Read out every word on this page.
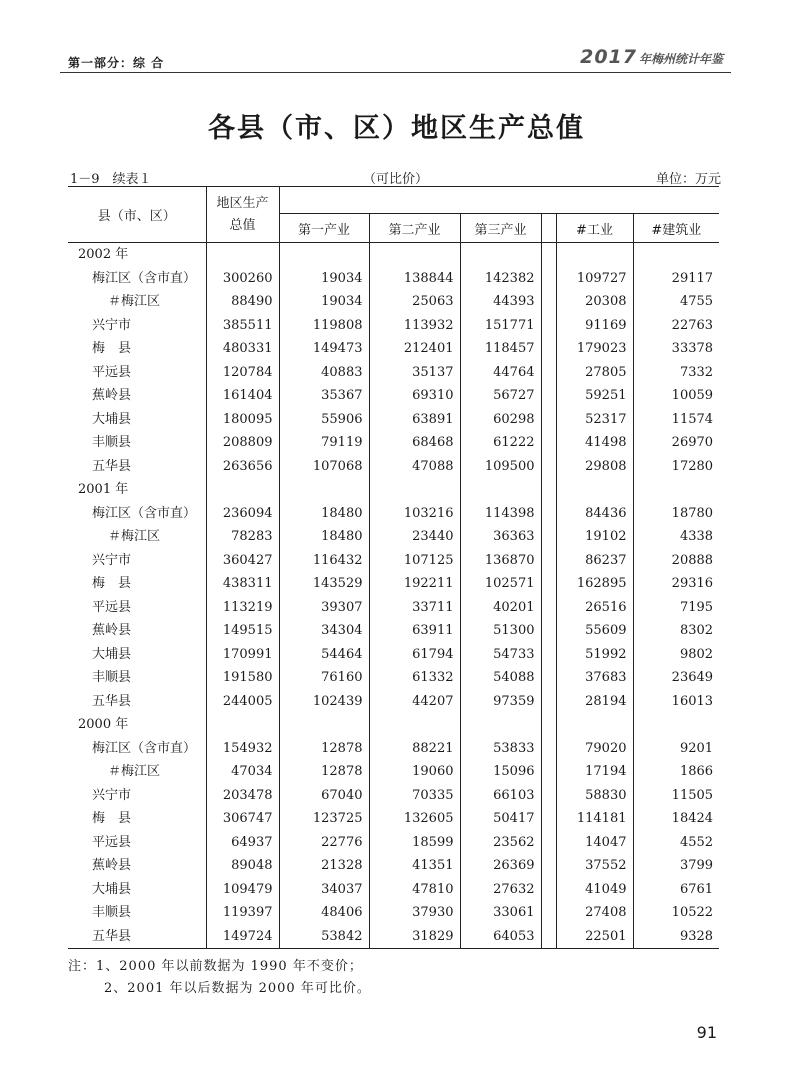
第一部分：综 合	2017 年梅州统计年鉴
各县（市、区）地区生产总值
1－9　续表１	（可比价）	单位：万元
县（市、区）	地区生产
总值						
		第一产业	第二产业	第三产业		#工业	#建筑业
2002 年							
梅江区（含市直）	300260	19034	138844	142382		109727	29117
＃梅江区	88490	19034	25063	44393		20308	4755
兴宁市	385511	119808	113932	151771		91169	22763
梅县	480331	149473	212401	118457		179023	33378
平远县	120784	40883	35137	44764		27805	7332
蕉岭县	161404	35367	69310	56727		59251	10059
大埔县	180095	55906	63891	60298		52317	11574
丰顺县	208809	79119	68468	61222		41498	26970
五华县	263656	107068	47088	109500		29808	17280
2001 年							
梅江区（含市直）	236094	18480	103216	114398		84436	18780
＃梅江区	78283	18480	23440	36363		19102	4338
兴宁市	360427	116432	107125	136870		86237	20888
梅县	438311	143529	192211	102571		162895	29316
平远县	113219	39307	33711	40201		26516	7195
蕉岭县	149515	34304	63911	51300		55609	8302
大埔县	170991	54464	61794	54733		51992	9802
丰顺县	191580	76160	61332	54088		37683	23649
五华县	244005	102439	44207	97359		28194	16013
2000 年							
梅江区（含市直）	154932	12878	88221	53833		79020	9201
＃梅江区	47034	12878	19060	15096		17194	1866
兴宁市	203478	67040	70335	66103		58830	11505
梅县	306747	123725	132605	50417		114181	18424
平远县	64937	22776	18599	23562		14047	4552
蕉岭县	89048	21328	41351	26369		37552	3799
大埔县	109479	34037	47810	27632		41049	6761
丰顺县	119397	48406	37930	33061		27408	10522
五华县	149724	53842	31829	64053		22501	9328
注：1、2000 年以前数据为 1990 年不变价；
2、2001 年以后数据为 2000 年可比价。
91
